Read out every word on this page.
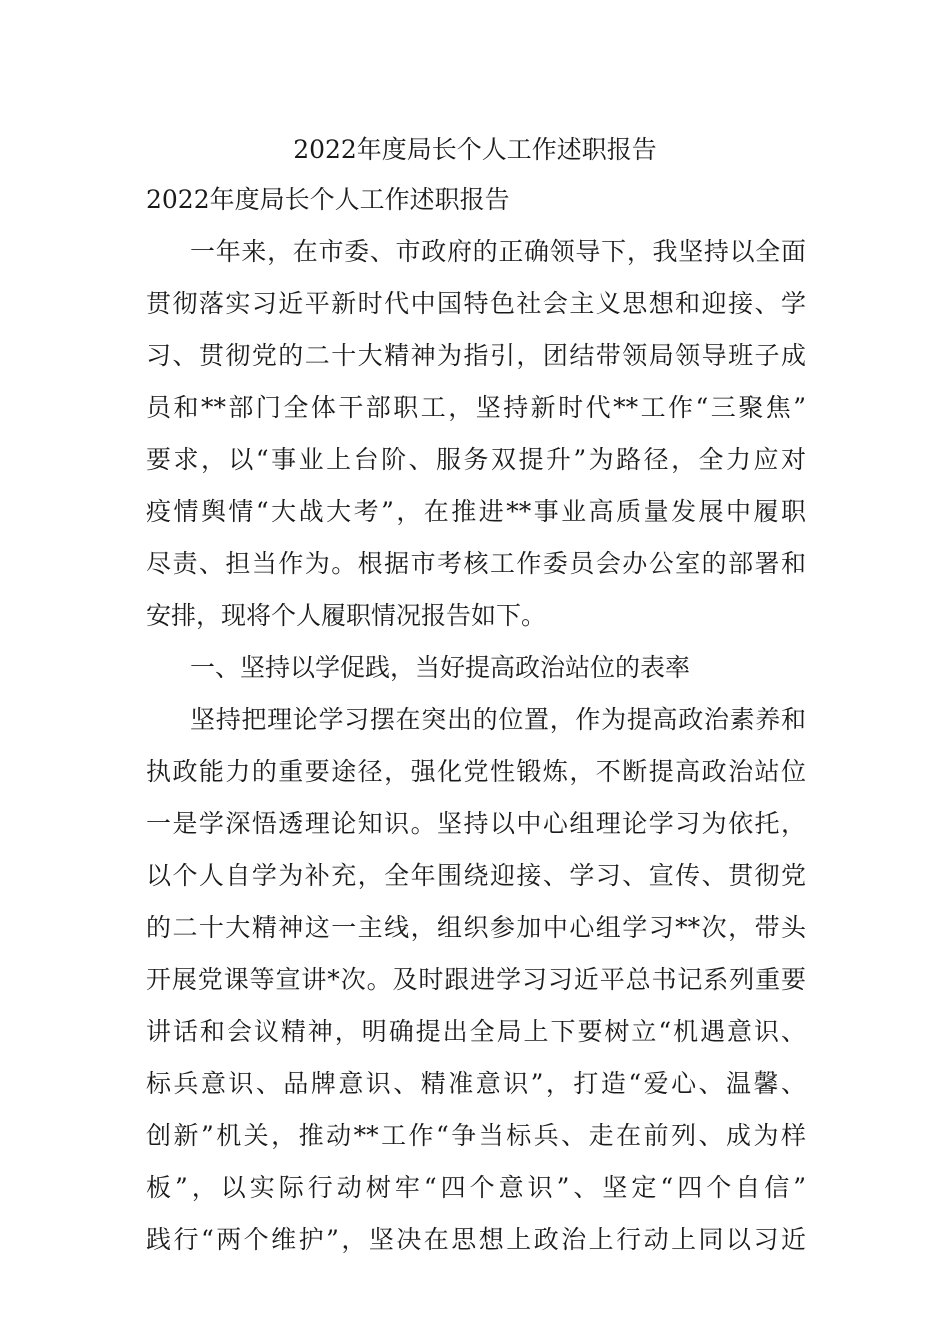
2022年度局长个人工作述职报告
2022年度局长个人工作述职报告
一年来，在市委、市政府的正确领导下，我坚持以全面
贯彻落实习近平新时代中国特色社会主义思想和迎接、学
习、贯彻党的二十大精神为指引，团结带领局领导班子成
员和**部门全体干部职工，坚持新时代**工作“三聚焦”
要求，以“事业上台阶、服务双提升”为路径，全力应对
疫情舆情“大战大考”，在推进**事业高质量发展中履职
尽责、担当作为。根据市考核工作委员会办公室的部署和
安排，现将个人履职情况报告如下。
一、坚持以学促践，当好提高政治站位的表率
坚持把理论学习摆在突出的位置，作为提高政治素养和
执政能力的重要途径，强化党性锻炼，不断提高政治站位
一是学深悟透理论知识。坚持以中心组理论学习为依托，
以个人自学为补充，全年围绕迎接、学习、宣传、贯彻党
的二十大精神这一主线，组织参加中心组学习**次，带头
开展党课等宣讲*次。及时跟进学习习近平总书记系列重要
讲话和会议精神，明确提出全局上下要树立“机遇意识、
标兵意识、品牌意识、精准意识”，打造“爱心、温馨、
创新”机关，推动**工作“争当标兵、走在前列、成为样
板”，以实际行动树牢“四个意识”、坚定“四个自信”
践行“两个维护”，坚决在思想上政治上行动上同以习近
